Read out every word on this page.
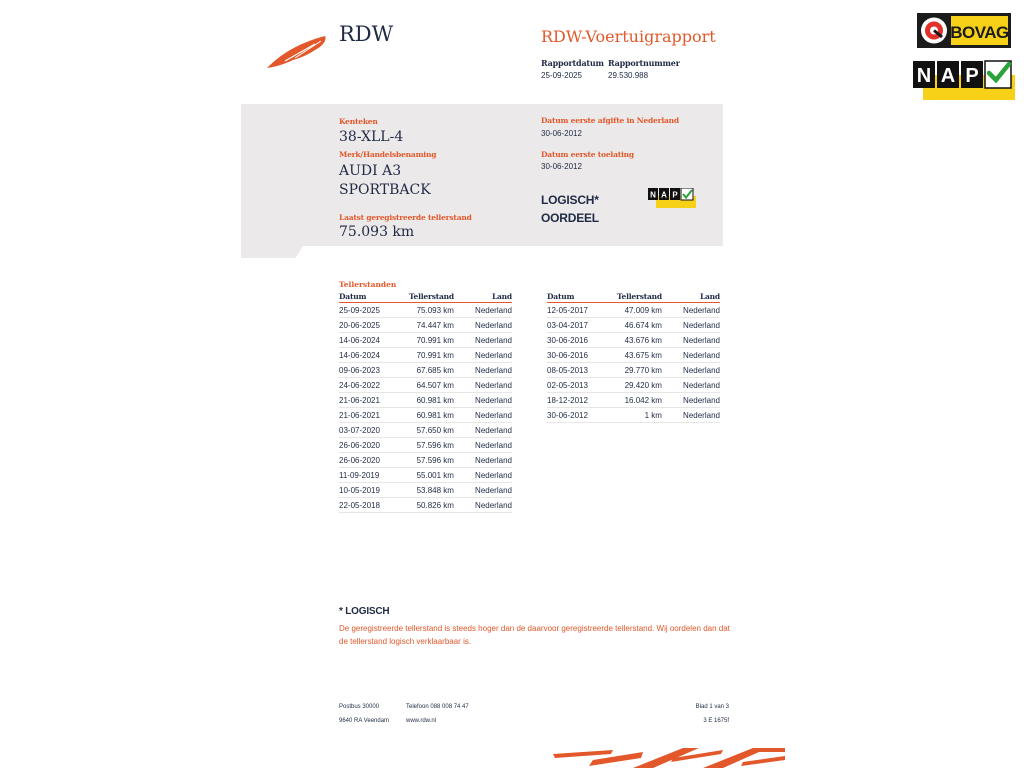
RDW	RDW-Voertuigrapport
Rapportdatum
25-09-2025
Rapportnummer
29.530.988
Kenteken
38-XLL-4
Merk/Handelsbenaming
AUDI A3
SPORTBACK
Laatst geregistreerde tellerstand
75.093 km
Datum eerste afgifte in Nederland
30-06-2012
Datum eerste toelating
30-06-2012
LOGISCH*
OORDEEL
N A P
Tellerstanden
Datum	Tellerstand	Land
25-09-2025	75.093 km	Nederland
20-06-2025	74.447 km	Nederland
14-06-2024	70.991 km	Nederland
14-06-2024	70.991 km	Nederland
09-06-2023	67.685 km	Nederland
24-06-2022	64.507 km	Nederland
21-06-2021	60.981 km	Nederland
21-06-2021	60.981 km	Nederland
03-07-2020	57.650 km	Nederland
26-06-2020	57.596 km	Nederland
26-06-2020	57.596 km	Nederland
11-09-2019	55.001 km	Nederland
10-05-2019	53.848 km	Nederland
22-05-2018	50.826 km	Nederland
Datum	Tellerstand	Land
12-05-2017	47.009 km	Nederland
03-04-2017	46.674 km	Nederland
30-06-2016	43.676 km	Nederland
30-06-2016	43.675 km	Nederland
08-05-2013	29.770 km	Nederland
02-05-2013	29.420 km	Nederland
18-12-2012	16.042 km	Nederland
30-06-2012	1 km	Nederland
* LOGISCH
De geregistreerde tellerstand is steeds hoger dan de daarvoor geregistreerde tellerstand. Wij oordelen dan dat de tellerstand logisch verklaarbaar is.
Postbus 30000
9640 RA Veendam
Telefoon 088 008 74 47
www.rdw.nl
Blad 1 van 3
3 E 1675f
BOVAG
N A P
